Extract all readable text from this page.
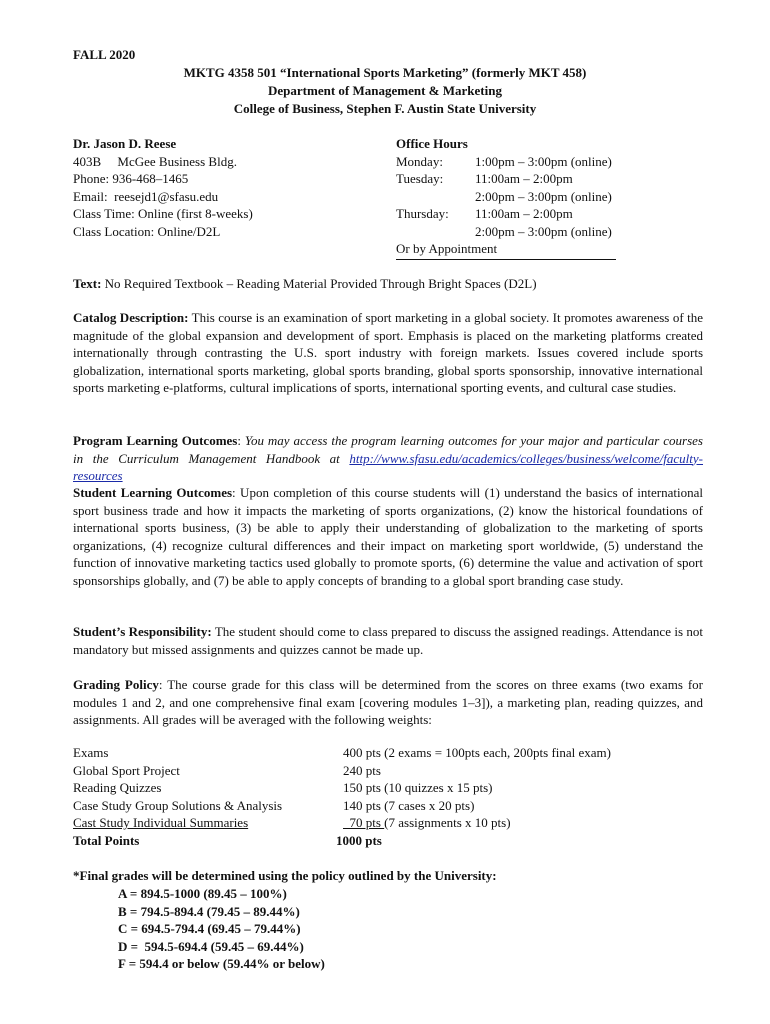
FALL 2020
MKTG 4358 501 “International Sports Marketing” (formerly MKT 458)
Department of Management & Marketing
College of Business, Stephen F. Austin State University
Dr. Jason D. Reese
403B     McGee Business Bldg.
Phone: 936-468–1465
Email:  reesejd1@sfasu.edu
Class Time: Online (first 8-weeks)
Class Location: Online/D2L
Office Hours
Monday:	1:00pm – 3:00pm (online)
Tuesday:	11:00am – 2:00pm
2:00pm – 3:00pm (online)
Thursday:	11:00am – 2:00pm
2:00pm – 3:00pm (online)
Or by Appointment
Text: No Required Textbook – Reading Material Provided Through Bright Spaces (D2L)
Catalog Description: This course is an examination of sport marketing in a global society. It promotes awareness of the magnitude of the global expansion and development of sport. Emphasis is placed on the marketing platforms created internationally through contrasting the U.S. sport industry with foreign markets. Issues covered include sports globalization, international sports marketing, global sports branding, global sports sponsorship, innovative international sports marketing e-platforms, cultural implications of sports, international sporting events, and cultural case studies.
Program Learning Outcomes: You may access the program learning outcomes for your major and particular courses in the Curriculum Management Handbook at http://www.sfasu.edu/academics/colleges/business/welcome/faculty-resources
Student Learning Outcomes: Upon completion of this course students will (1) understand the basics of international sport business trade and how it impacts the marketing of sports organizations, (2) know the historical foundations of international sports business, (3) be able to apply their understanding of globalization to the marketing of sports organizations, (4) recognize cultural differences and their impact on marketing sport worldwide, (5) understand the function of innovative marketing tactics used globally to promote sports, (6) determine the value and activation of sport sponsorships globally, and (7) be able to apply concepts of branding to a global sport branding case study.
Student’s Responsibility: The student should come to class prepared to discuss the assigned readings. Attendance is not mandatory but missed assignments and quizzes cannot be made up.
Grading Policy: The course grade for this class will be determined from the scores on three exams (two exams for modules 1 and 2, and one comprehensive final exam [covering modules 1–3]), a marketing plan, reading quizzes, and assignments. All grades will be averaged with the following weights:
Exams	400 pts (2 exams = 100pts each, 200pts final exam)
Global Sport Project	240 pts
Reading Quizzes	150 pts (10 quizzes x 15 pts)
Case Study Group Solutions & Analysis	140 pts (7 cases x 20 pts)
Cast Study Individual Summaries	70 pts (7 assignments x 10 pts)
Total Points	1000 pts
*Final grades will be determined using the policy outlined by the University:
A = 894.5-1000 (89.45 – 100%)
B = 794.5-894.4 (79.45 – 89.44%)
C = 694.5-794.4 (69.45 – 79.44%)
D =  594.5-694.4 (59.45 – 69.44%)
F = 594.4 or below (59.44% or below)
